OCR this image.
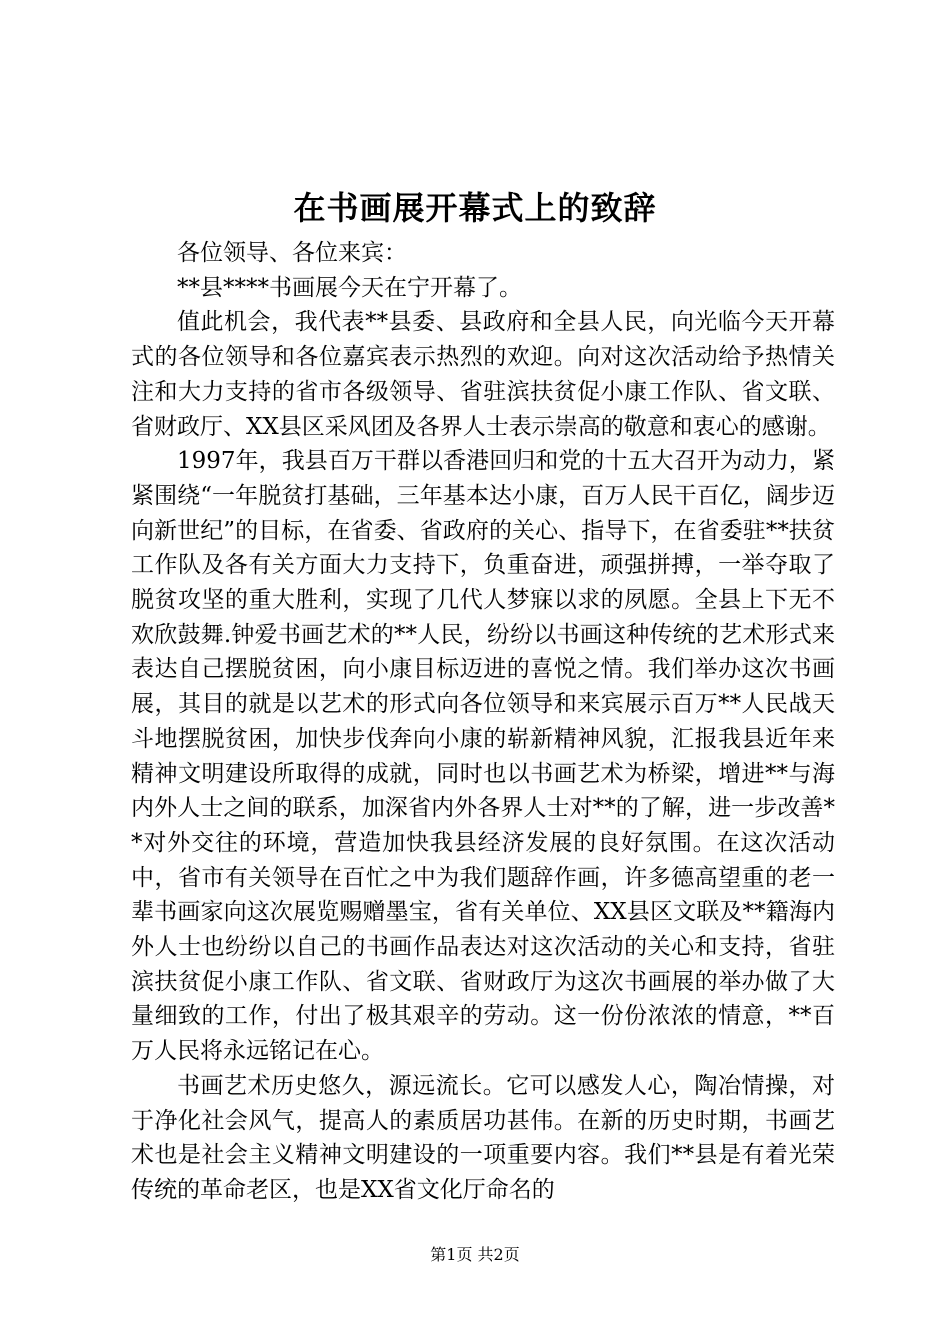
在书画展开幕式上的致辞

各位领导、各位来宾：

**县****书画展今天在宁开幕了。

值此机会，我代表**县委、县政府和全县人民，向光临今天开幕式的各位领导和各位嘉宾表示热烈的欢迎。向对这次活动给予热情关注和大力支持的省市各级领导、省驻滨扶贫促小康工作队、省文联、省财政厅、XX县区采风团及各界人士表示崇高的敬意和衷心的感谢。

1997年，我县百万干群以香港回归和党的十五大召开为动力，紧紧围绕“一年脱贫打基础，三年基本达小康，百万人民干百亿，阔步迈向新世纪”的目标，在省委、省政府的关心、指导下，在省委驻**扶贫工作队及各有关方面大力支持下，负重奋进，顽强拼搏，一举夺取了脱贫攻坚的重大胜利，实现了几代人梦寐以求的夙愿。全县上下无不欢欣鼓舞.钟爱书画艺术的**人民，纷纷以书画这种传统的艺术形式来表达自己摆脱贫困，向小康目标迈进的喜悦之情。我们举办这次书画展，其目的就是以艺术的形式向各位领导和来宾展示百万**人民战天斗地摆脱贫困，加快步伐奔向小康的崭新精神风貌，汇报我县近年来精神文明建设所取得的成就，同时也以书画艺术为桥梁，增进**与海内外人士之间的联系，加深省内外各界人士对**的了解，进一步改善**对外交往的环境，营造加快我县经济发展的良好氛围。在这次活动中，省市有关领导在百忙之中为我们题辞作画，许多德高望重的老一辈书画家向这次展览赐赠墨宝，省有关单位、XX县区文联及**籍海内外人士也纷纷以自己的书画作品表达对这次活动的关心和支持，省驻滨扶贫促小康工作队、省文联、省财政厅为这次书画展的举办做了大量细致的工作，付出了极其艰辛的劳动。这一份份浓浓的情意，**百万人民将永远铭记在心。

书画艺术历史悠久，源远流长。它可以感发人心，陶冶情操，对于净化社会风气，提高人的素质居功甚伟。在新的历史时期，书画艺术也是社会主义精神文明建设的一项重要内容。我们**县是有着光荣传统的革命老区，也是XX省文化厅命名的

第1页 共2页
